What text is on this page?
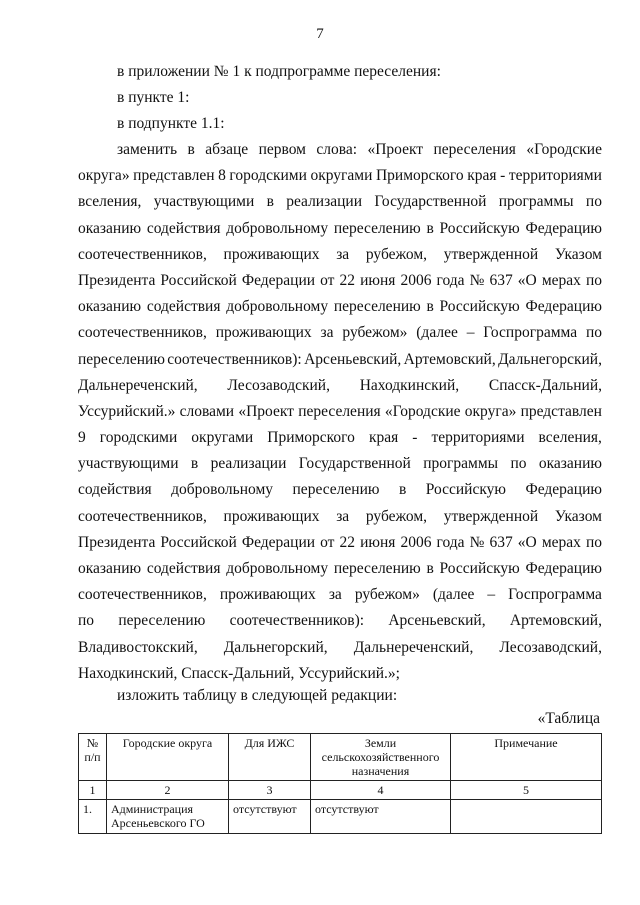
7
в приложении № 1 к подпрограмме переселения:
в пункте 1:
в подпункте 1.1:
заменить в абзаце первом слова: «Проект переселения «Городские
округа» представлен 8 городскими округами Приморского края - территориями
вселения, участвующими в реализации Государственной программы по
оказанию содействия добровольному переселению в Российскую Федерацию
соотечественников, проживающих за рубежом, утвержденной Указом
Президента Российской Федерации от 22 июня 2006 года № 637 «О мерах по
оказанию содействия добровольному переселению в Российскую Федерацию
соотечественников, проживающих за рубежом» (далее – Госпрограмма по
переселению соотечественников): Арсеньевский, Артемовский, Дальнегорский,
Дальнереченский, Лесозаводский, Находкинский, Спасск-Дальний,
Уссурийский.» словами «Проект переселения «Городские округа» представлен
9 городскими округами Приморского края - территориями вселения,
участвующими в реализации Государственной программы по оказанию
содействия добровольному переселению в Российскую Федерацию
соотечественников, проживающих за рубежом, утвержденной Указом
Президента Российской Федерации от 22 июня 2006 года № 637 «О мерах по
оказанию содействия добровольному переселению в Российскую Федерацию
соотечественников, проживающих за рубежом» (далее – Госпрограмма
по переселению соотечественников): Арсеньевский, Артемовский,
Владивостокский, Дальнегорский, Дальнереченский, Лесозаводский,
Находкинский, Спасск-Дальний, Уссурийский.»;
изложить таблицу в следующей редакции:
«Таблица
№ п/п	Городские округа	Для ИЖС	Земли сельскохозяйственного назначения	Примечание
1	2	3	4	5
1.	Администрация Арсеньевского ГО	отсутствуют	отсутствуют	
